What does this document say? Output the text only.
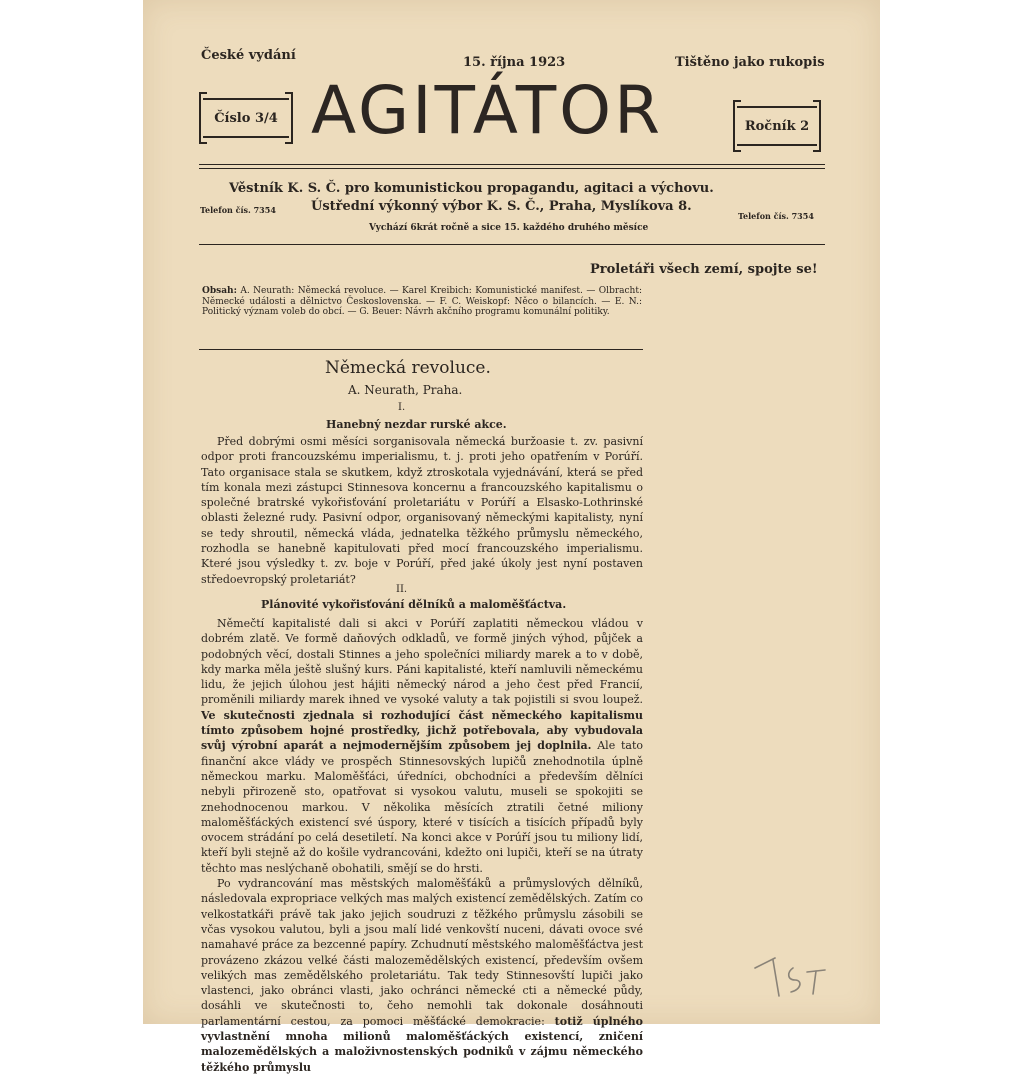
České vydání	15. října 1923	Tištěno jako rukopis
Číslo 3/4 AGITÁTOR	Ročník 2
Věstník K. S. Č. pro komunistickou propagandu, agitaci a výchovu.
Telefon čís. 7354	Ústřední výkonný výbor K. S. Č., Praha, Myslíkova 8.
Telefon čís. 7354
Vychází 6krát ročně a sice 15. každého druhého měsíce
Proletáři všech zemí, spojte se!
Obsah: A. Neurath: Německá revoluce. — Karel Kreibich: Komunistické manifest. — Olbracht: Německé události a dělnictvo Československa. — F. C. Weiskopf: Něco o bilancích. — E. N.: Politický význam voleb do obcí. — G. Beuer: Návrh akčního programu komunální politiky.
Německá revoluce.
A. Neurath, Praha.
I.
Hanebný nezdar rurské akce.

Před dobrými osmi měsíci sorganisovala německá buržoasie t. zv. pasivní odpor proti francouzskému imperialismu, t. j. proti jeho opatřením v Porúří. Tato organisace stala se skutkem, když ztroskotala vyjednávání, která se před tím konala mezi zástupci Stinnesova koncernu a francouzského kapitalismu o společné bratrské vykořisťování proletariátu v Porúří a Elsasko-Lothrinské oblasti železné rudy. Pasivní odpor, organisovaný německými kapitalisty, nyní se tedy shroutil, německá vláda, jednatelka těžkého průmyslu německého, rozhodla se hanebně kapitulovati před mocí francouzského imperialismu. Které jsou výsledky t. zv. boje v Porúří, před jaké úkoly jest nyní postaven středoevropský proletariát?

II.
Plánovité vykořisťování dělníků a maloměšťáctva.

Němečtí kapitalisté dali si akci v Porúří zaplatiti německou vládou v dobrém zlatě. Ve formě daňových odkladů, ve formě jiných výhod, půjček a podobných věcí, dostali Stinnes a jeho společníci miliardy marek a to v době, kdy marka měla ještě slušný kurs. Páni kapitalisté, kteří namluvili německému lidu, že jejich úlohou jest hájiti německý národ a jeho čest před Francií, proměnili miliardy marek ihned ve vysoké valuty a tak pojistili si svou loupež. Ve skutečnosti zjednala si rozhodující část německého kapitalismu tímto způsobem hojné prostředky, jichž potřebovala, aby vybudovala svůj výrobní aparát a nejmodernějším způsobem jej doplnila. Ale tato finanční akce vlády ve prospěch Stinnesovských lupičů znehodnotila úplně německou marku. Maloměšťáci, úředníci, obchodníci a především dělníci nebyli přirozeně sto, opatřovat si vysokou valutu, museli se spokojiti se znehodnocenou markou. V několika měsících ztratili četné miliony maloměšťáckých existencí své úspory, které v tisících a tisících případů byly ovocem strádání po celá desetiletí. Na konci akce v Porúří jsou tu miliony lidí, kteří byli stejně až do košile vydrancováni, kdežto oni lupiči, kteří se na útraty těchto mas neslýchaně obohatili, smějí se do hrsti.

Po vydrancování mas městských maloměšťáků a průmyslových dělníků, následovala expropriace velkých mas malých existencí zemědělských. Zatím co velkostatkáři právě tak jako jejich soudruzi z těžkého průmyslu zásobili se včas vysokou valutou, byli a jsou malí lidé venkovští nuceni, dávati ovoce své namahavé práce za bezcenné papíry. Zchudnutí městského maloměšťáctva jest provázeno zkázou velké části malozemědělských existencí, především ovšem velikých mas zemědělského proletariátu. Tak tedy Stinnesovští lupiči jako vlastenci, jako obránci vlasti, jako ochránci německé cti a německé půdy, dosáhli ve skutečnosti to, čeho nemohli tak dokonale dosáhnouti parlamentární cestou, za pomoci měšťácké demokracie: totiž úplného vyvlastnění mnoha milionů maloměšťáckých existencí, zničení malozemědělských a maloživnostenských podniků v zájmu německého těžkého průmyslu

1ST
